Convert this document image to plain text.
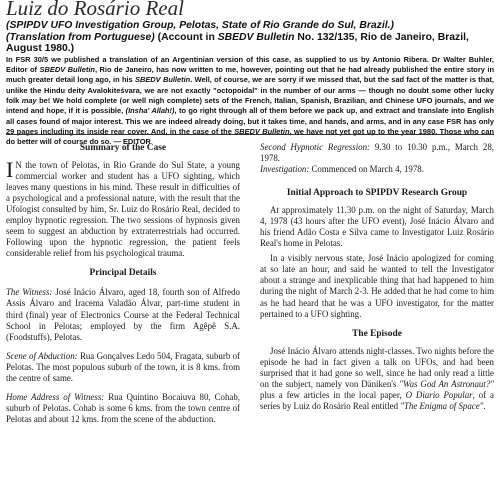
Luiz do Rosário Real
(SPIPDV UFO Investigation Group, Pelotas, State of Rio Grande do Sul, Brazil.)
(Translation from Portuguese) (Account in SBEDV Bulletin No. 132/135, Rio de Janeiro, Brazil, August 1980.)
In FSR 30/5 we published a translation of an Argentinian version of this case, as supplied to us by Antonio Ribera. Dr Walter Buhler, Editor of SBEDV Bulletin, Rio de Janeiro, has now written to me, however, pointing out that he had already published the entire story in much greater detail long ago, in his SBEDV Bulletin. Well, of course, we are sorry if we missed that, but the sad fact of the matter is that, unlike the Hindu deity Avalokiteśvara, we are not exactly "octopoidal" in the number of our arms — though no doubt some other lucky folk may be! We hold complete (or well nigh complete) sets of the French, Italian, Spanish, Brazilian, and Chinese UFO journals, and we intend and hope, if it is possible, (Insha' Allah!), to go right through all of them before we pack up, and extract and translate into English all cases found of major interest. This we are indeed already doing, but it takes time, and hands, and arms, and in any case FSR has only 29 pages including its inside rear cover. And, in the case of the SBEDV Bulletin, we have not yet got up to the year 1980. Those who can do better will of course do so. — EDITOR
Summary of the Case

I N the town of Pelotas, in Rio Grande do Sul State, a young commercial worker and student has a UFO sighting, which leaves many questions in his mind. These result in difficulties of a psychological and a professional nature, with the result that the Ufologist consulted by him, Sr. Luiz do Rosário Real, decided to employ hypnotic regression. The two sessions of hypnosis given seem to suggest an abduction by extraterrestrials had occurred. Following upon the hypnotic regression, the patient feels considerable relief from his psychological trauma.

Principal Details

The Witness: José Inácio Álvaro, aged 18, fourth son of Alfredo Assis Álvaro and Iracema Valadão Álvar, part-time student in third (final) year of Electronics Course at the Federal Technical School in Pelotas; employed by the firm Agêpê S.A. (Foodstuffs), Pelotas.

Scene of Abduction: Rua Gonçalves Ledo 504, Fragata, suburb of Pelotas. The most populous suburb of the town, it is 8 kms. from the centre of same.

Home Address of Witness: Rua Quintino Bocaiuva 80, Cohab, suburb of Pelotas. Cohab is some 6 kms. from the town centre of Pelotas and about 12 kms. from the scene of the abduction.

Second Hypnotic Regression: 9.30 to 10.30 p.m., March 28, 1978.

Investigation: Commenced on March 4, 1978.

Initial Approach to SPIPDV Research Group

At approximately 11.30 p.m. on the night of Saturday, March 4, 1978 (43 hours after the UFO event), José Inácio Álvaro and his friend Adão Costa e Silva came to Investigator Luiz Rosário Real's home in Pelotas.

In a visibly nervous state, José Inácio apologized for coming at so late an hour, and said he wanted to tell the Investigator about a strange and inexplicable thing that had happened to him during the night of March 2-3. He added that he had come to him as he had heard that he was a UFO investigator, for the matter pertained to a UFO sighting.

The Episode

José Inácio Álvaro attends night-classes. Two nights before the episode he had in fact given a talk on UFOs, and had been surprised that it had gone so well, since he had only read a little on the subject, namely von Däniken's "Was God An Astronaut?" plus a few articles in the local paper, O Diario Popular, of a series by Luiz do Rosário Real entitled "The Enigma of Space".
